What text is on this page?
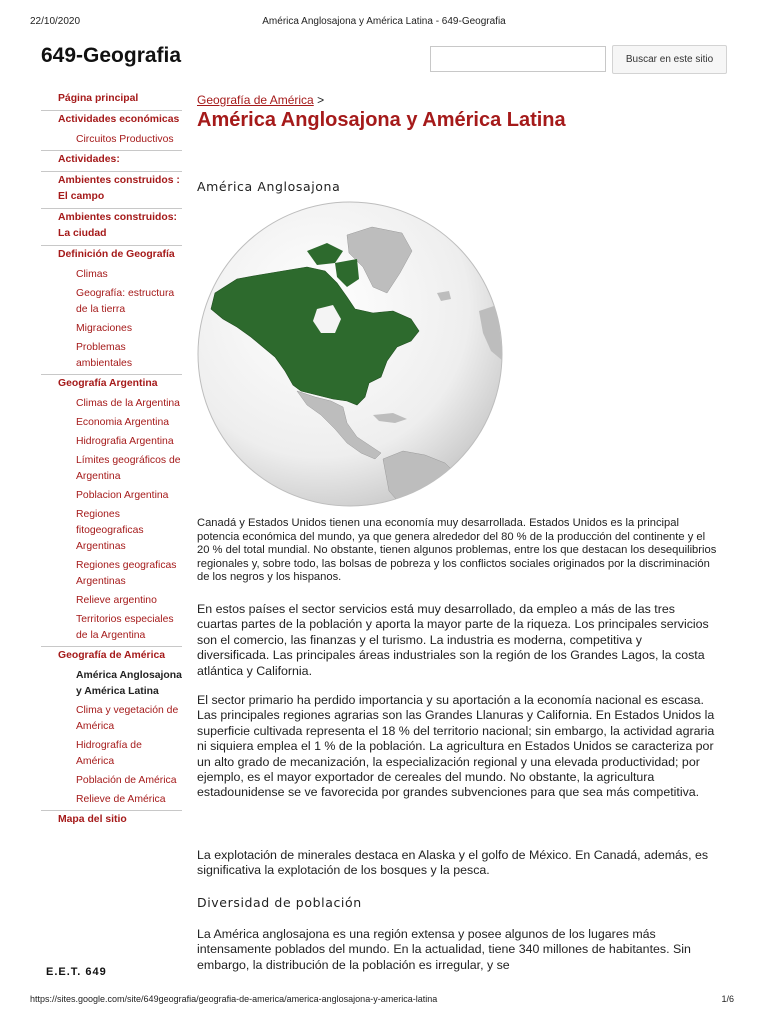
22/10/2020	América Anglosajona y América Latina - 649-Geografia
649-Geografia	Buscar en este sitio
Página principal
Actividades económicas
Circuitos Productivos
Actividades:
Ambientes construidos : El campo
Ambientes construidos: La ciudad
Definición de Geografía
Climas
Geografía: estructura de la tierra
Migraciones
Problemas ambientales
Geografía Argentina
Climas de la Argentina
Economia Argentina
Hidrografia Argentina
Límites geográficos de Argentina
Poblacion Argentina
Regiones fitogeograficas Argentinas
Regiones geograficas Argentinas
Relieve argentino
Territorios especiales de la Argentina
Geografía de América
América Anglosajona y América Latina
Clima y vegetación de América
Hidrografía de América
Población de América
Relieve de América
Mapa del sitio
E.E.T. 649
Geografía de América >
América Anglosajona y América Latina
América Anglosajona

Canadá y Estados Unidos tienen una economía muy desarrollada. Estados Unidos es la principal potencia económica del mundo, ya que genera alrededor del 80 % de la producción del continente y el 20 % del total mundial. No obstante, tienen algunos problemas, entre los que destacan los desequilibrios regionales y, sobre todo, las bolsas de pobreza y los conflictos sociales originados por la discriminación de los negros y los hispanos.

En estos países el sector servicios está muy desarrollado, da empleo a más de las tres cuartas partes de la población y aporta la mayor parte de la riqueza. Los principales servicios son el comercio, las finanzas y el turismo. La industria es moderna, competitiva y diversificada. Las principales áreas industriales son la región de los Grandes Lagos, la costa atlántica y California.

El sector primario ha perdido importancia y su aportación a la economía nacional es escasa. Las principales regiones agrarias son las Grandes Llanuras y California. En Estados Unidos la superficie cultivada representa el 18 % del territorio nacional; sin embargo, la actividad agraria ni siquiera emplea el 1 % de la población. La agricultura en Estados Unidos se caracteriza por un alto grado de mecanización, la especialización regional y una elevada productividad; por ejemplo, es el mayor exportador de cereales del mundo. No obstante, la agricultura estadounidense se ve favorecida por grandes subvenciones para que sea más competitiva.

La explotación de minerales destaca en Alaska y el golfo de México. En Canadá, además, es significativa la explotación de los bosques y la pesca.

Diversidad de población

La América anglosajona es una región extensa y posee algunos de los lugares más intensamente poblados del mundo. En la actualidad, tiene 340 millones de habitantes. Sin embargo, la distribución de la población es irregular, y se

https://sites.google.com/site/649geografia/geografia-de-america/america-anglosajona-y-america-latina	1/6
